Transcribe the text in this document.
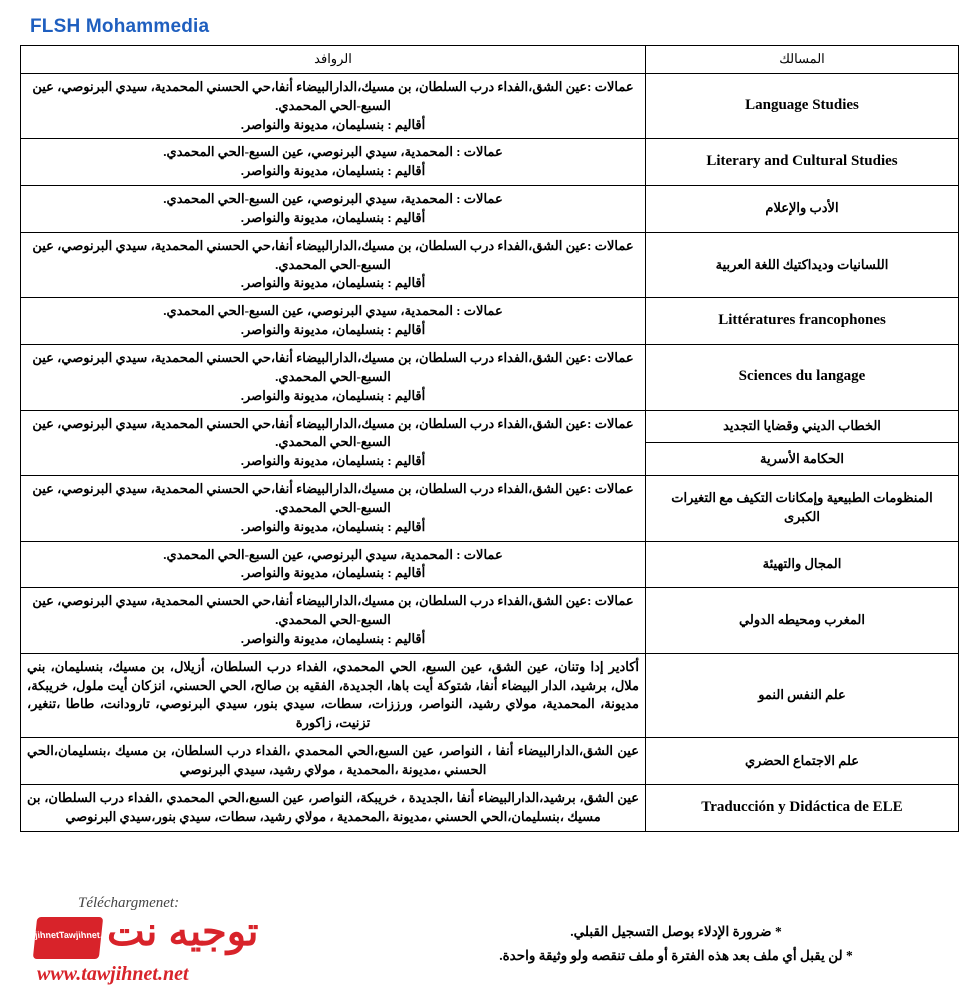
FLSH Mohammedia
الروافد	المسالك

عمالات :عين الشق،الفداء درب السلطان، بن مسيك،الدارالبيضاء أنفا،حي الحسني المحمدية، سيدي البرنوصي، عين السبع-الحي المحمدي.
أقاليم : بنسليمان، مديونة والنواصر.	Language Studies

عمالات : المحمدية، سيدي البرنوصي، عين السبع-الحي المحمدي.
أقاليم : بنسليمان، مديونة والنواصر.	Literary and Cultural Studies

عمالات : المحمدية، سيدي البرنوصي، عين السبع-الحي المحمدي.
أقاليم : بنسليمان، مديونة والنواصر.	الأدب والإعلام

عمالات :عين الشق،الفداء درب السلطان، بن مسيك،الدارالبيضاء أنفا،حي الحسني المحمدية، سيدي البرنوصي، عين السبع-الحي المحمدي.
أقاليم : بنسليمان، مديونة والنواصر.	اللسانيات وديداكتيك اللغة العربية

عمالات : المحمدية، سيدي البرنوصي، عين السبع-الحي المحمدي.
أقاليم : بنسليمان، مديونة والنواصر.	Littératures francophones

عمالات :عين الشق،الفداء درب السلطان، بن مسيك،الدارالبيضاء أنفا،حي الحسني المحمدية، سيدي البرنوصي، عين السبع-الحي المحمدي.
أقاليم : بنسليمان، مديونة والنواصر.	Sciences du langage

عمالات :عين الشق،الفداء درب السلطان، بن مسيك،الدارالبيضاء أنفا،حي الحسني المحمدية، سيدي البرنوصي، عين السبع-الحي المحمدي.
أقاليم : بنسليمان، مديونة والنواصر.	الخطاب الديني وقضايا التجديد
	الحكامة الأسرية

عمالات :عين الشق،الفداء درب السلطان، بن مسيك،الدارالبيضاء أنفا،حي الحسني المحمدية، سيدي البرنوصي، عين السبع-الحي المحمدي.
أقاليم : بنسليمان، مديونة والنواصر.	المنظومات الطبيعية وإمكانات التكيف مع التغيرات الكبرى

عمالات : المحمدية، سيدي البرنوصي، عين السبع-الحي المحمدي.
أقاليم : بنسليمان، مديونة والنواصر.	المجال والتهيئة

عمالات :عين الشق،الفداء درب السلطان، بن مسيك،الدارالبيضاء أنفا،حي الحسني المحمدية، سيدي البرنوصي، عين السبع-الحي المحمدي.
أقاليم : بنسليمان، مديونة والنواصر.	المغرب ومحيطه الدولي
أكادير إدا وتنان، عين الشق، عين السبع، الحي المحمدي، الفداء درب السلطان، أزيلال، بن مسيك، بنسليمان، بني ملال، برشيد، الدار البيضاء أنفا، شتوكة أيت باها، الجديدة، الفقيه بن صالح، الحي الحسني، انزكان أيت ملول، خريبكة، مديونة، المحمدية، مولاي رشيد، النواصر، ورززات، سطات، سيدي بنور، سيدي البرنوصي، تارودانت، طاطا ،تنغير، تزنيت، زاكورة	علم النفس النمو
عين الشق،الدارالبيضاء أنفا ، النواصر، عين السبع،الحي المحمدي ،الفداء درب السلطان، بن مسيك ،بنسليمان،الحي الحسني ،مديونة ،المحمدية ، مولاي رشيد، سيدي البرنوصي	علم الاجتماع الحضري
عين الشق، برشيد،الدارالبيضاء أنفا ،الجديدة ، خريبكة، النواصر، عين السبع،الحي المحمدي ،الفداء درب السلطان، بن مسيك ،بنسليمان،الحي الحسني ،مديونة ،المحمدية ، مولاي رشيد، سطات، سيدي بنور،سيدي البرنوصي	Traducción y Didáctica de ELE
Téléchargmenet:
tawjihnet
Tawjihnet.net
توجيه نت
www.tawjihnet.net
* ضرورة الإدلاء بوصل التسجيل القبلي.
* لن يقبل أي ملف بعد هذه الفترة أو ملف تنقصه ولو وثيقة واحدة.
